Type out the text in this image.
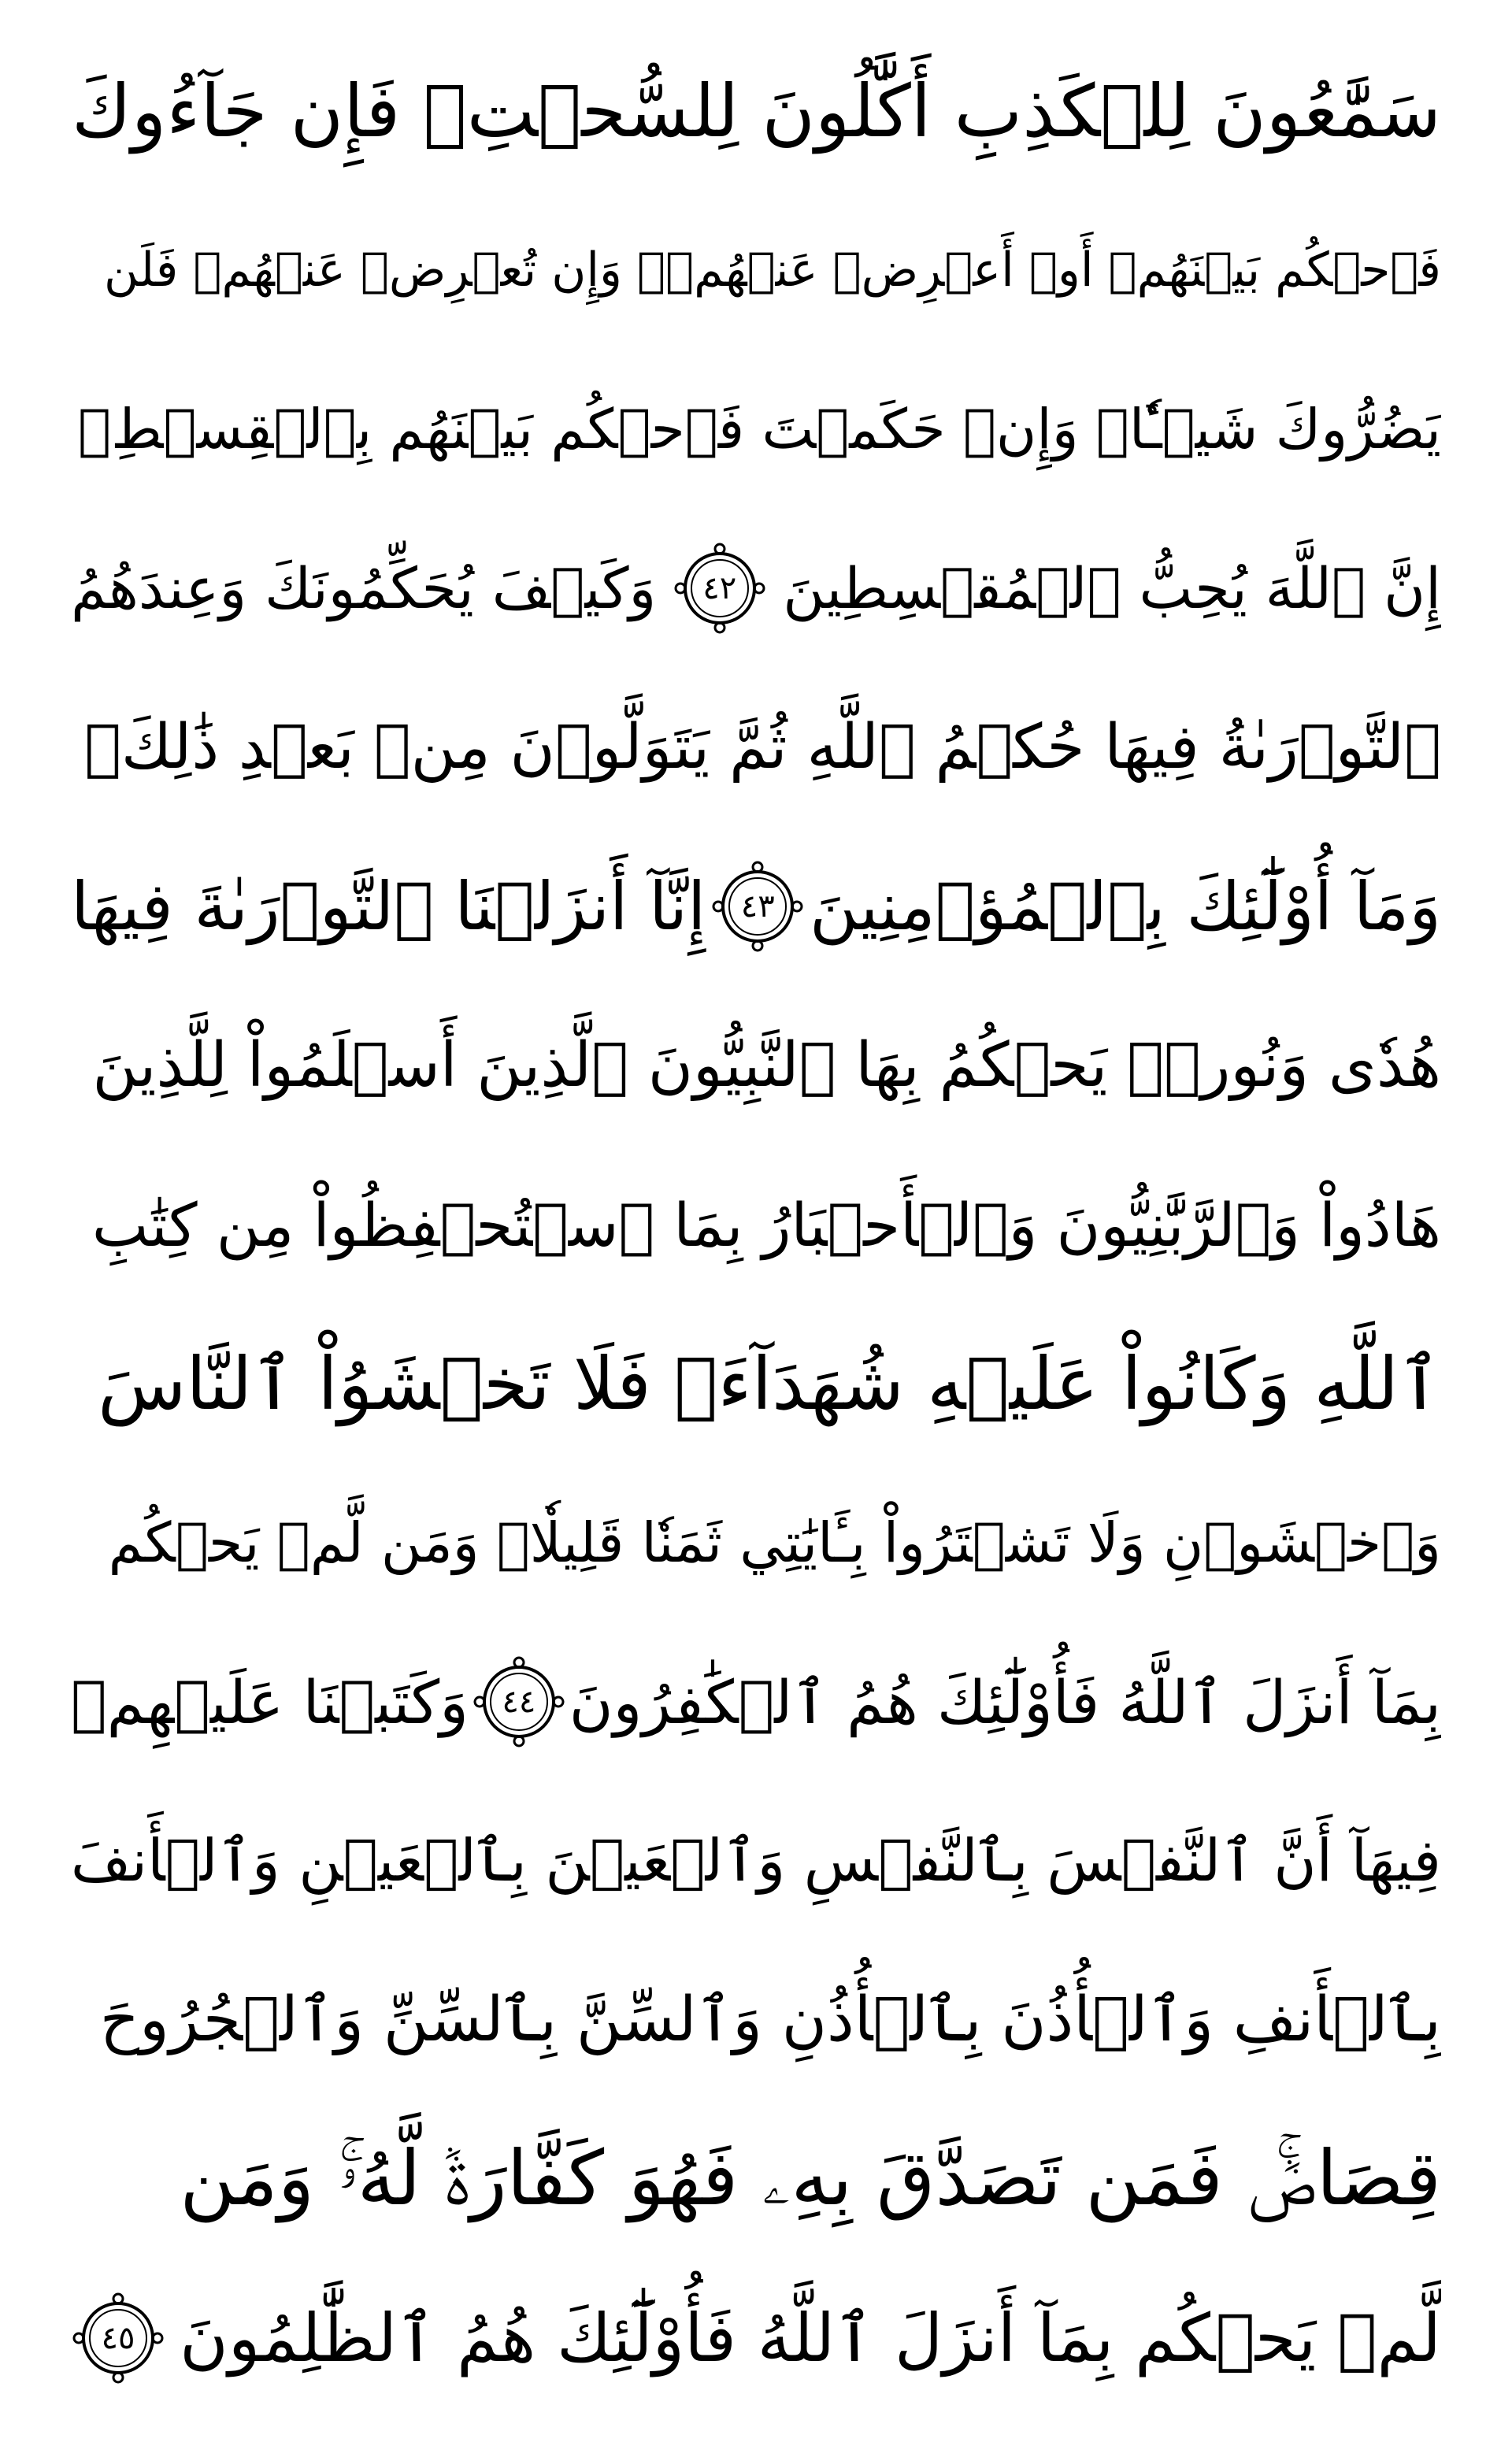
سَمَّٰعُونَ لِلۡكَذِبِ أَكَّٰلُونَ لِلسُّحۡتِۚ فَإِن جَآءُوكَ
فَٱحۡكُم بَيۡنَهُمۡ أَوۡ أَعۡرِضۡ عَنۡهُمۡۖ وَإِن تُعۡرِضۡ عَنۡهُمۡ فَلَن
يَضُرُّوكَ شَيۡـٔٗاۖ وَإِنۡ حَكَمۡتَ فَٱحۡكُم بَيۡنَهُم بِٱلۡقِسۡطِۚ
إِنَّ ٱللَّهَ يُحِبُّ ٱلۡمُقۡسِطِينَ
٤٢
وَكَيۡفَ يُحَكِّمُونَكَ وَعِندَهُمُ
ٱلتَّوۡرَىٰةُ فِيهَا حُكۡمُ ٱللَّهِ ثُمَّ يَتَوَلَّوۡنَ مِنۢ بَعۡدِ ذَٰلِكَۚ
وَمَآ أُوْلَٰٓئِكَ بِٱلۡمُؤۡمِنِينَ
٤٣
إِنَّآ أَنزَلۡنَا ٱلتَّوۡرَىٰةَ فِيهَا
هُدٗى وَنُورٞۚ يَحۡكُمُ بِهَا ٱلنَّبِيُّونَ ٱلَّذِينَ أَسۡلَمُواْ لِلَّذِينَ
هَادُواْ وَٱلرَّبَّٰنِيُّونَ وَٱلۡأَحۡبَارُ بِمَا ٱسۡتُحۡفِظُواْ مِن كِتَٰبِ
ٱللَّهِ وَكَانُواْ عَلَيۡهِ شُهَدَآءَۚ فَلَا تَخۡشَوُاْ ٱلنَّاسَ
وَٱخۡشَوۡنِ وَلَا تَشۡتَرُواْ بِـَٔايَٰتِي ثَمَنٗا قَلِيلٗاۚ وَمَن لَّمۡ يَحۡكُم
بِمَآ أَنزَلَ ٱللَّهُ فَأُوْلَٰٓئِكَ هُمُ ٱلۡكَٰفِرُونَ
٤٤
وَكَتَبۡنَا عَلَيۡهِمۡ
فِيهَآ أَنَّ ٱلنَّفۡسَ بِٱلنَّفۡسِ وَٱلۡعَيۡنَ بِٱلۡعَيۡنِ وَٱلۡأَنفَ
بِٱلۡأَنفِ وَٱلۡأُذُنَ بِٱلۡأُذُنِ وَٱلسِّنَّ بِٱلسِّنِّ وَٱلۡجُرُوحَ
قِصَاصٞۚ فَمَن تَصَدَّقَ بِهِۦ فَهُوَ كَفَّارَةٞ لَّهُۥۚ وَمَن
لَّمۡ يَحۡكُم بِمَآ أَنزَلَ ٱللَّهُ فَأُوْلَٰٓئِكَ هُمُ ٱلظَّٰلِمُونَ
٤٥
